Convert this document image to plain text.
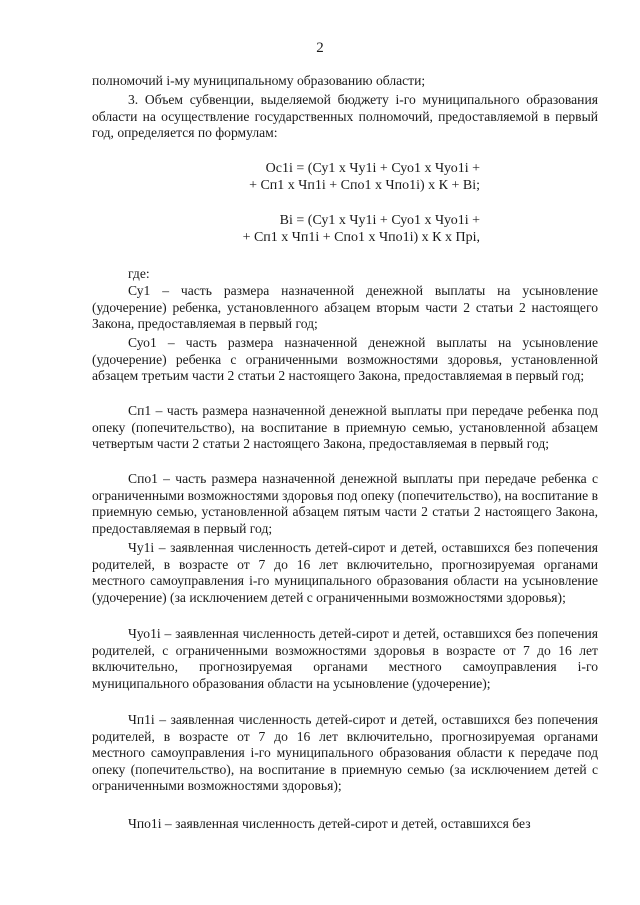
2

полномочий i-му муниципальному образованию области;

3. Объем субвенции, выделяемой бюджету i-го муниципального образования области на осуществление государственных полномочий, предоставляемой в первый год, определяется по формулам:

Ос1i = (Су1 х Чу1i + Суо1 х Чуо1i +

+ Сп1 х Чп1i + Спо1 х Чпо1i) х К + Вi;

Вi = (Су1 х Чу1i + Суо1 х Чуо1i +

+ Сп1 х Чп1i + Спо1 х Чпо1i) х К х Прi,

где:

Су1 – часть размера назначенной денежной выплаты на усыновление (удочерение) ребенка, установленного абзацем вторым части 2 статьи 2 настоящего Закона, предоставляемая в первый год;

Суо1 – часть размера назначенной денежной выплаты на усыновление (удочерение) ребенка с ограниченными возможностями здоровья, установленной абзацем третьим части 2 статьи 2 настоящего Закона, предоставляемая в первый год;

Сп1 – часть размера назначенной денежной выплаты при передаче ребенка под опеку (попечительство), на воспитание в приемную семью, установленной абзацем четвертым части 2 статьи 2 настоящего Закона, предоставляемая в первый год;

Спо1 – часть размера назначенной денежной выплаты при передаче ребенка с ограниченными возможностями здоровья под опеку (попечительство), на воспитание в приемную семью, установленной абзацем пятым части 2 статьи 2 настоящего Закона, предоставляемая в первый год;

Чу1i – заявленная численность детей-сирот и детей, оставшихся без попечения родителей, в возрасте от 7 до 16 лет включительно, прогнозируемая органами местного самоуправления i-го муниципального образования области на усыновление (удочерение) (за исключением детей с ограниченными возможностями здоровья);

Чуо1i – заявленная численность детей-сирот и детей, оставшихся без попечения родителей, с ограниченными возможностями здоровья в возрасте от 7 до 16 лет включительно, прогнозируемая органами местного самоуправления i-го муниципального образования области на усыновление (удочерение);

Чп1i – заявленная численность детей-сирот и детей, оставшихся без попечения родителей, в возрасте от 7 до 16 лет включительно, прогнозируемая органами местного самоуправления i-го муниципального образования области к передаче под опеку (попечительство), на воспитание в приемную семью (за исключением детей с ограниченными возможностями здоровья);

Чпо1i – заявленная численность детей-сирот и детей, оставшихся без
